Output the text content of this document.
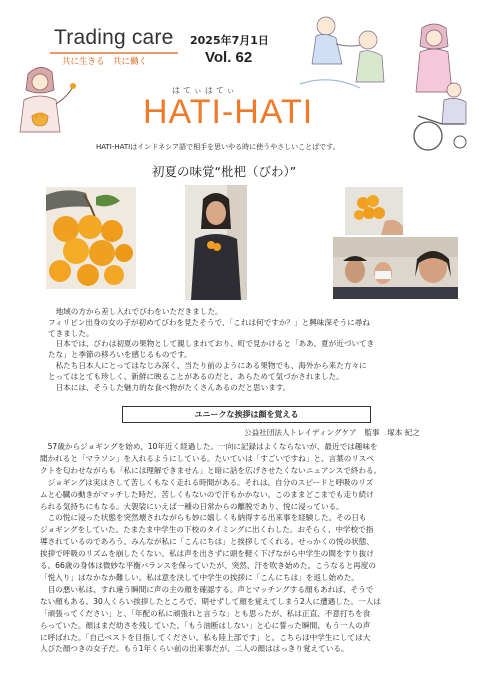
Trading care
共に生きる　共に働く
2025年7月1日
Vol. 62
はてぃはてぃ
HATI-HATI
HATI-HATIはインドネシア語で相手を思いやる時に使うやさしいことばです。
初夏の味覚“枇杷（びわ）”

　地域の方から差し入れでびわをいただきました。

フィリピン出身の女の子が初めてびわを見たそうで、「これは何ですか？」と興味深そうに尋ね

てきました。

　日本では、びわは初夏の果物として親しまれており、町で見かけると「ああ、夏が近づいてき

たな」と季節の移ろいを感じるものです。

　私たち日本人にとってはなじみ深く、当たり前のようにある果物でも、海外から来た方々に

とってはとても珍しく、新鮮に映ることがあるのだと、あらためて気づかされました。

　日本には、そうした魅力的な食べ物がたくさんあるのだと思います。

ユニークな挨拶は顔を覚える
公益社団法人トレイディングケア　監事　塚本 紀之

　57歳からジョギングを始め、10年近く経過した。一向に記録はよくならないが、最近では趣味を

聞かれると「マラソン」を入れるようにしている。たいていは「すごいですね」と、言葉のリスペ

クトを匂わせながらも「私には理解できません」と暗に話を広げさせたくないニュアンスで終わる。

　ジョギングは実はさして苦しくもなく走れる時間がある。それは、自分のスピードと呼吸のリズ

ムと心臓の動きがマッチした時だ。苦しくもないので汗もかかない。このままどこまでも走り続け

られる気持ちにもなる。大袈裟にいえば一種の日常からの離脱であり、悦に浸っている。

　この悦に浸った状態を突然壊されながらも妙に嬉しくも納得する出来事を経験した。その日も

ジョギングをしていた。たまたま中学生の下校のタイミングに出くわした。おそらく、中学校で指

導されているのであろう。みんなが私に「こんにちは」と挨拶してくれる。せっかくの悦の状態、

挨拶で呼吸のリズムを崩したくない。私は声を出さずに頭を軽く下げながら中学生の間をすり抜け

る。66歳の身体は微妙な平衡バランスを保っていたが、突然、汗を吹き始めた。こうなると再度の

「悦入り」はなかなか難しい。私は意を決して中学生の挨拶に「こんにちは」を返し始めた。

　目の悪い私は、すれ違う瞬間に声の主の顔を確認する。声とマッチングする顔もあれば、そうで

ない顔もある。30人くらい挨拶したところで、期せずして顔を覚えてしまう2人に遭遇した。一人は

「頑張ってください」と、「年配の私に頑張れと言うな」とも思ったが、私は正直、不意打ちを食

らっていた。顔はまだ幼さを残していた。「もう油断はしない」と心に誓った瞬間、もう一人の声

に呼ばれた。「自己ベストを目指してください。私も陸上部です」と。こちらは中学生にしては大

人びた顔つきの女子だ。もう1年くらい前の出来事だが、二人の顔ははっきり覚えている。
